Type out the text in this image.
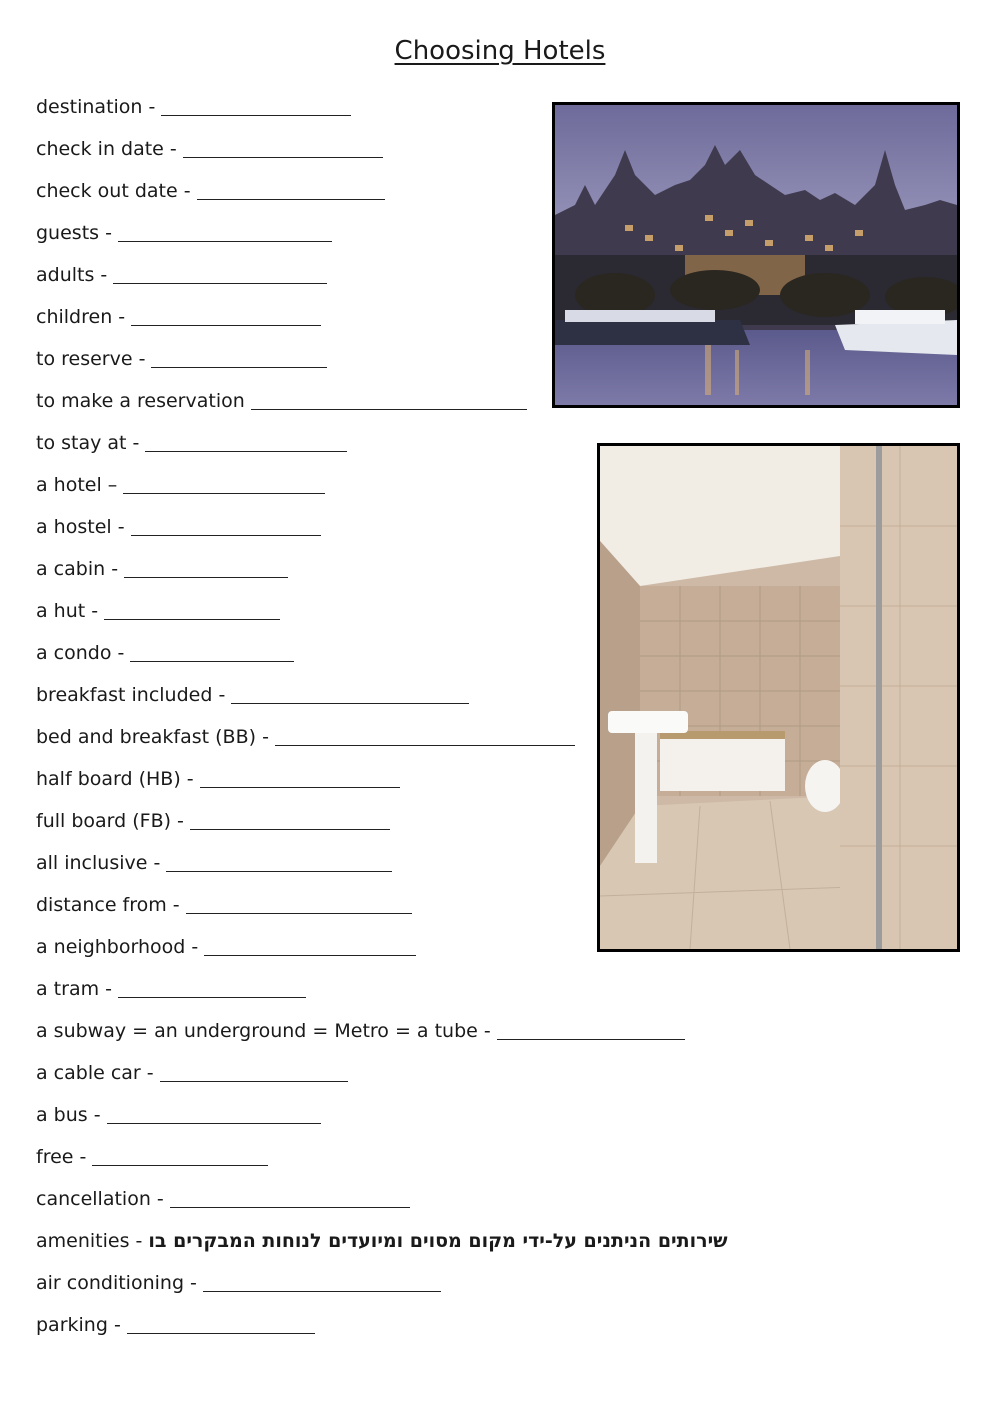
Choosing Hotels
destination -
check in date -
check out date -
guests -
adults -
children -
to reserve -
to make a reservation
to stay at -
a hotel –
a hostel -
a cabin -
a hut -
a condo -
breakfast included -
bed and breakfast (BB) -
half board (HB) -
full board (FB) -
all inclusive -
distance from -
a neighborhood -
a tram -
a subway = an underground = Metro = a tube -
a cable car -
a bus -
free -
cancellation -
amenities - שירותים הניתנים על-ידי מקום מסוים ומיועדים לנוחות המבקרים בו
air conditioning -
parking -
